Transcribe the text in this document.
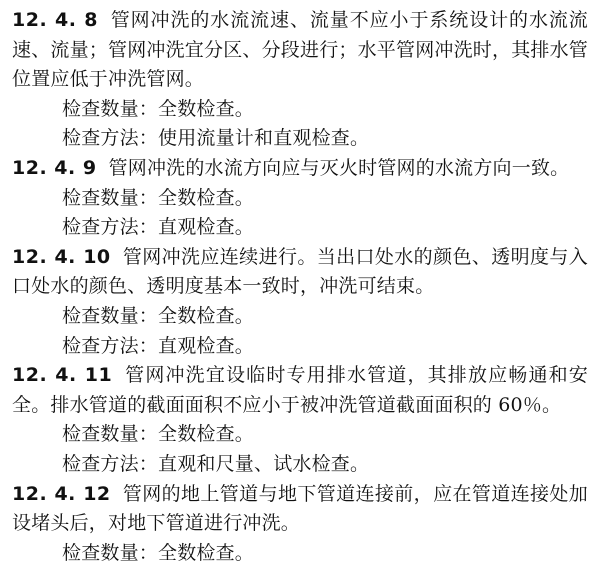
12. 4. 8 管网冲洗的水流流速、流量不应小于系统设计的水流流速、流量；管网冲洗宜分区、分段进行；水平管网冲洗时，其排水管位置应低于冲洗管网。

检查数量：全数检查。

检查方法：使用流量计和直观检查。

12. 4. 9 管网冲洗的水流方向应与灭火时管网的水流方向一致。

检查数量：全数检查。

检查方法：直观检查。

12. 4. 10 管网冲洗应连续进行。当出口处水的颜色、透明度与入口处水的颜色、透明度基本一致时，冲洗可结束。

检查数量：全数检查。

检查方法：直观检查。

12. 4. 11 管网冲洗宜设临时专用排水管道，其排放应畅通和安全。排水管道的截面面积不应小于被冲洗管道截面面积的 60％。

检查数量：全数检查。

检查方法：直观和尺量、试水检查。

12. 4. 12 管网的地上管道与地下管道连接前，应在管道连接处加设堵头后，对地下管道进行冲洗。

检查数量：全数检查。
